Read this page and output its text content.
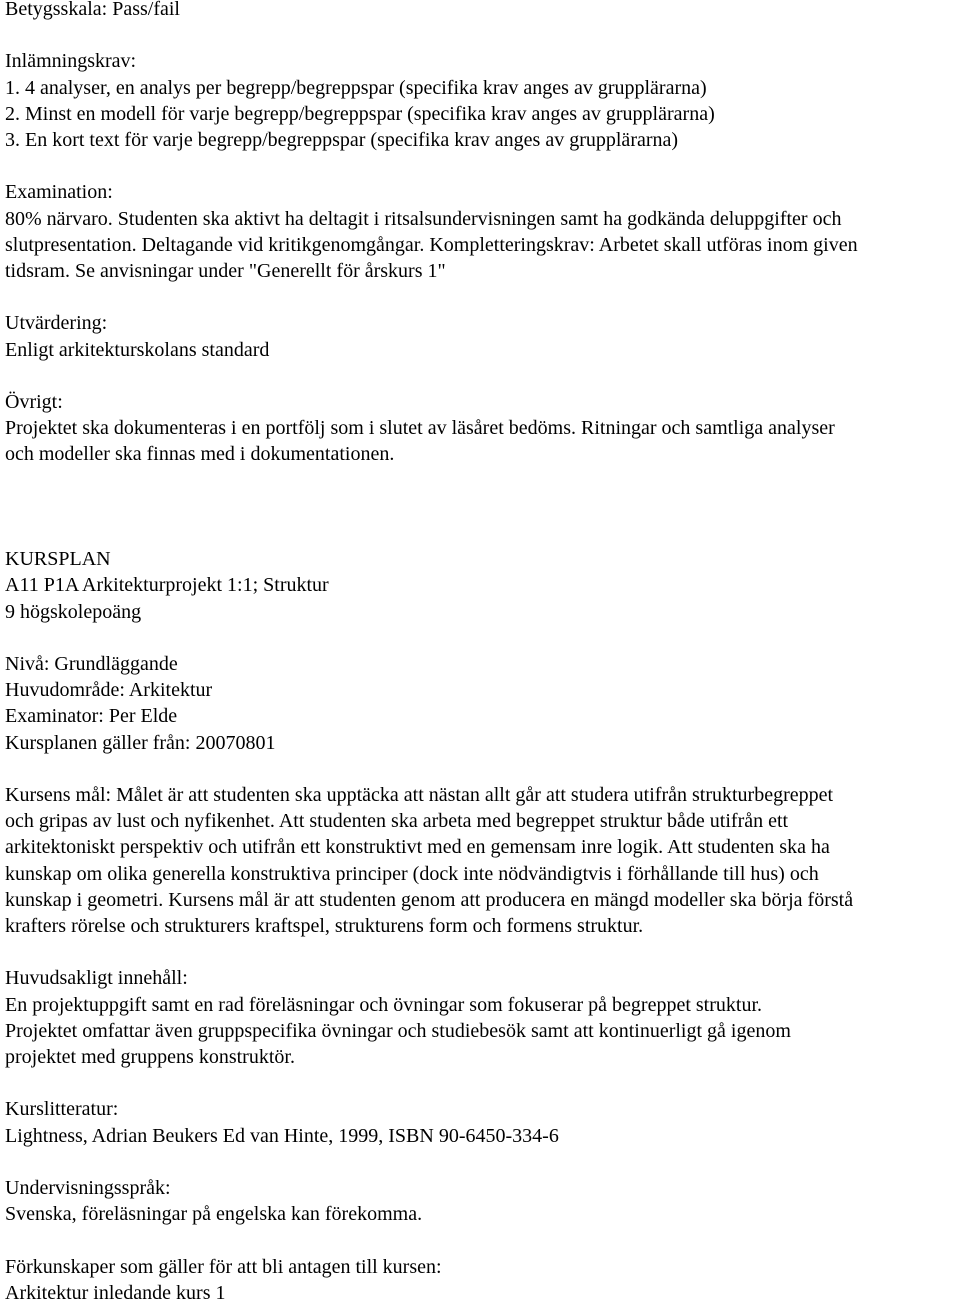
Betygsskala: Pass/fail
Inlämningskrav:
1. 4 analyser, en analys per begrepp/begreppspar (specifika krav anges av grupplärarna)
2. Minst en modell för varje begrepp/begreppspar (specifika krav anges av grupplärarna)
3. En kort text för varje begrepp/begreppspar (specifika krav anges av grupplärarna)
Examination:
80% närvaro. Studenten ska aktivt ha deltagit i ritsalsundervisningen samt ha godkända deluppgifter och
slutpresentation. Deltagande vid kritikgenomgångar. Kompletteringskrav: Arbetet skall utföras inom given
tidsram. Se anvisningar under "Generellt för årskurs 1"
Utvärdering:
Enligt arkitekturskolans standard
Övrigt:
Projektet ska dokumenteras i en portfölj som i slutet av läsåret bedöms. Ritningar och samtliga analyser
och modeller ska finnas med i dokumentationen.
KURSPLAN
A11 P1A Arkitekturprojekt 1:1; Struktur
9 högskolepoäng
Nivå: Grundläggande
Huvudområde: Arkitektur
Examinator: Per Elde
Kursplanen gäller från: 20070801
Kursens mål: Målet är att studenten ska upptäcka att nästan allt går att studera utifrån strukturbegreppet
och gripas av lust och nyfikenhet. Att studenten ska arbeta med begreppet struktur både utifrån ett
arkitektoniskt perspektiv och utifrån ett konstruktivt med en gemensam inre logik. Att studenten ska ha
kunskap om olika generella konstruktiva principer (dock inte nödvändigtvis i förhållande till hus) och
kunskap i geometri. Kursens mål är att studenten genom att producera en mängd modeller ska börja förstå
krafters rörelse och strukturers kraftspel, strukturens form och formens struktur.
Huvudsakligt innehåll:
En projektuppgift samt en rad föreläsningar och övningar som fokuserar på begreppet struktur.
Projektet omfattar även gruppspecifika övningar och studiebesök samt att kontinuerligt gå igenom
projektet med gruppens konstruktör.
Kurslitteratur:
Lightness, Adrian Beukers Ed van Hinte, 1999, ISBN 90-6450-334-6
Undervisningsspråk:
Svenska, föreläsningar på engelska kan förekomma.
Förkunskaper som gäller för att bli antagen till kursen:
Arkitektur inledande kurs 1
